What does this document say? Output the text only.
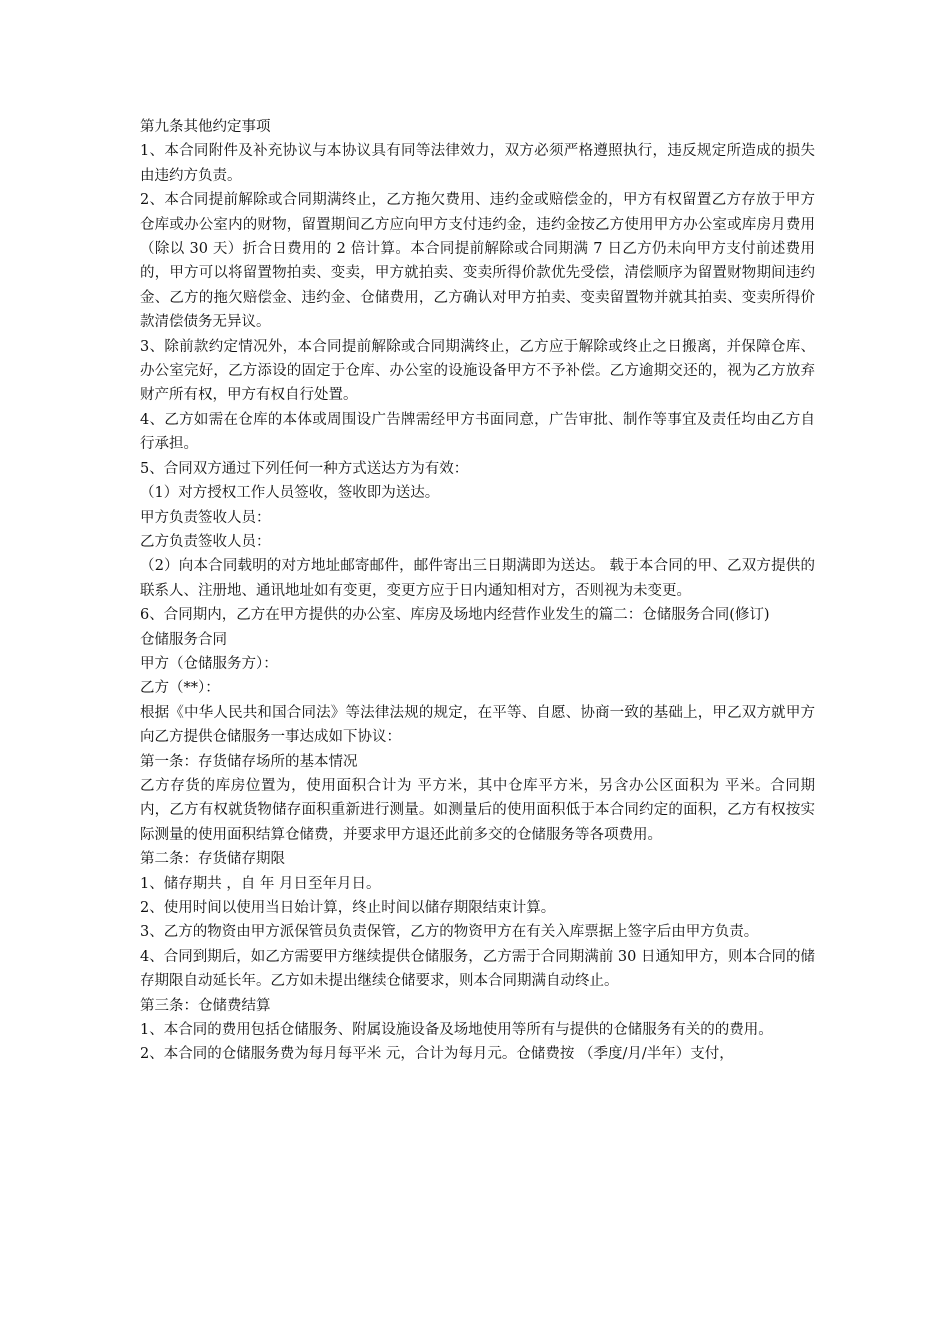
第九条其他约定事项

1、本合同附件及补充协议与本协议具有同等法律效力，双方必须严格遵照执行，违反规定所造成的损失由违约方负责。

2、本合同提前解除或合同期满终止，乙方拖欠费用、违约金或赔偿金的，甲方有权留置乙方存放于甲方仓库或办公室内的财物，留置期间乙方应向甲方支付违约金，违约金按乙方使用甲方办公室或库房月费用（除以 30 天）折合日费用的 2 倍计算。本合同提前解除或合同期满 7 日乙方仍未向甲方支付前述费用的，甲方可以将留置物拍卖、变卖，甲方就拍卖、变卖所得价款优先受偿，清偿顺序为留置财物期间违约金、乙方的拖欠赔偿金、违约金、仓储费用，乙方确认对甲方拍卖、变卖留置物并就其拍卖、变卖所得价款清偿债务无异议。

3、除前款约定情况外，本合同提前解除或合同期满终止，乙方应于解除或终止之日搬离，并保障仓库、办公室完好，乙方添设的固定于仓库、办公室的设施设备甲方不予补偿。乙方逾期交还的，视为乙方放弃财产所有权，甲方有权自行处置。

4、乙方如需在仓库的本体或周围设广告牌需经甲方书面同意，广告审批、制作等事宜及责任均由乙方自行承担。

5、合同双方通过下列任何一种方式送达方为有效：

（1）对方授权工作人员签收，签收即为送达。

甲方负责签收人员：

乙方负责签收人员：

（2）向本合同载明的对方地址邮寄邮件，邮件寄出三日期满即为送达。 载于本合同的甲、乙双方提供的联系人、注册地、通讯地址如有变更，变更方应于日内通知相对方，否则视为未变更。

6、合同期内，乙方在甲方提供的办公室、库房及场地内经营作业发生的篇二：仓储服务合同(修订)

仓储服务合同

甲方（仓储服务方）：

乙方（**）：

根据《中华人民共和国合同法》等法律法规的规定，在平等、自愿、协商一致的基础上，甲乙双方就甲方向乙方提供仓储服务一事达成如下协议：

第一条：存货储存场所的基本情况

乙方存货的库房位置为，使用面积合计为 平方米，其中仓库平方米，另含办公区面积为 平米。合同期内，乙方有权就货物储存面积重新进行测量。如测量后的使用面积低于本合同约定的面积，乙方有权按实际测量的使用面积结算仓储费，并要求甲方退还此前多交的仓储服务等各项费用。

第二条：存货储存期限

1、储存期共 ，自 年 月日至年月日。

2、使用时间以使用当日始计算，终止时间以储存期限结束计算。

3、乙方的物资由甲方派保管员负责保管，乙方的物资甲方在有关入库票据上签字后由甲方负责。

4、合同到期后，如乙方需要甲方继续提供仓储服务，乙方需于合同期满前 30 日通知甲方，则本合同的储存期限自动延长年。乙方如未提出继续仓储要求，则本合同期满自动终止。

第三条：仓储费结算

1、本合同的费用包括仓储服务、附属设施设备及场地使用等所有与提供的仓储服务有关的的费用。

2、本合同的仓储服务费为每月每平米 元，合计为每月元。仓储费按 （季度/月/半年）支付，
